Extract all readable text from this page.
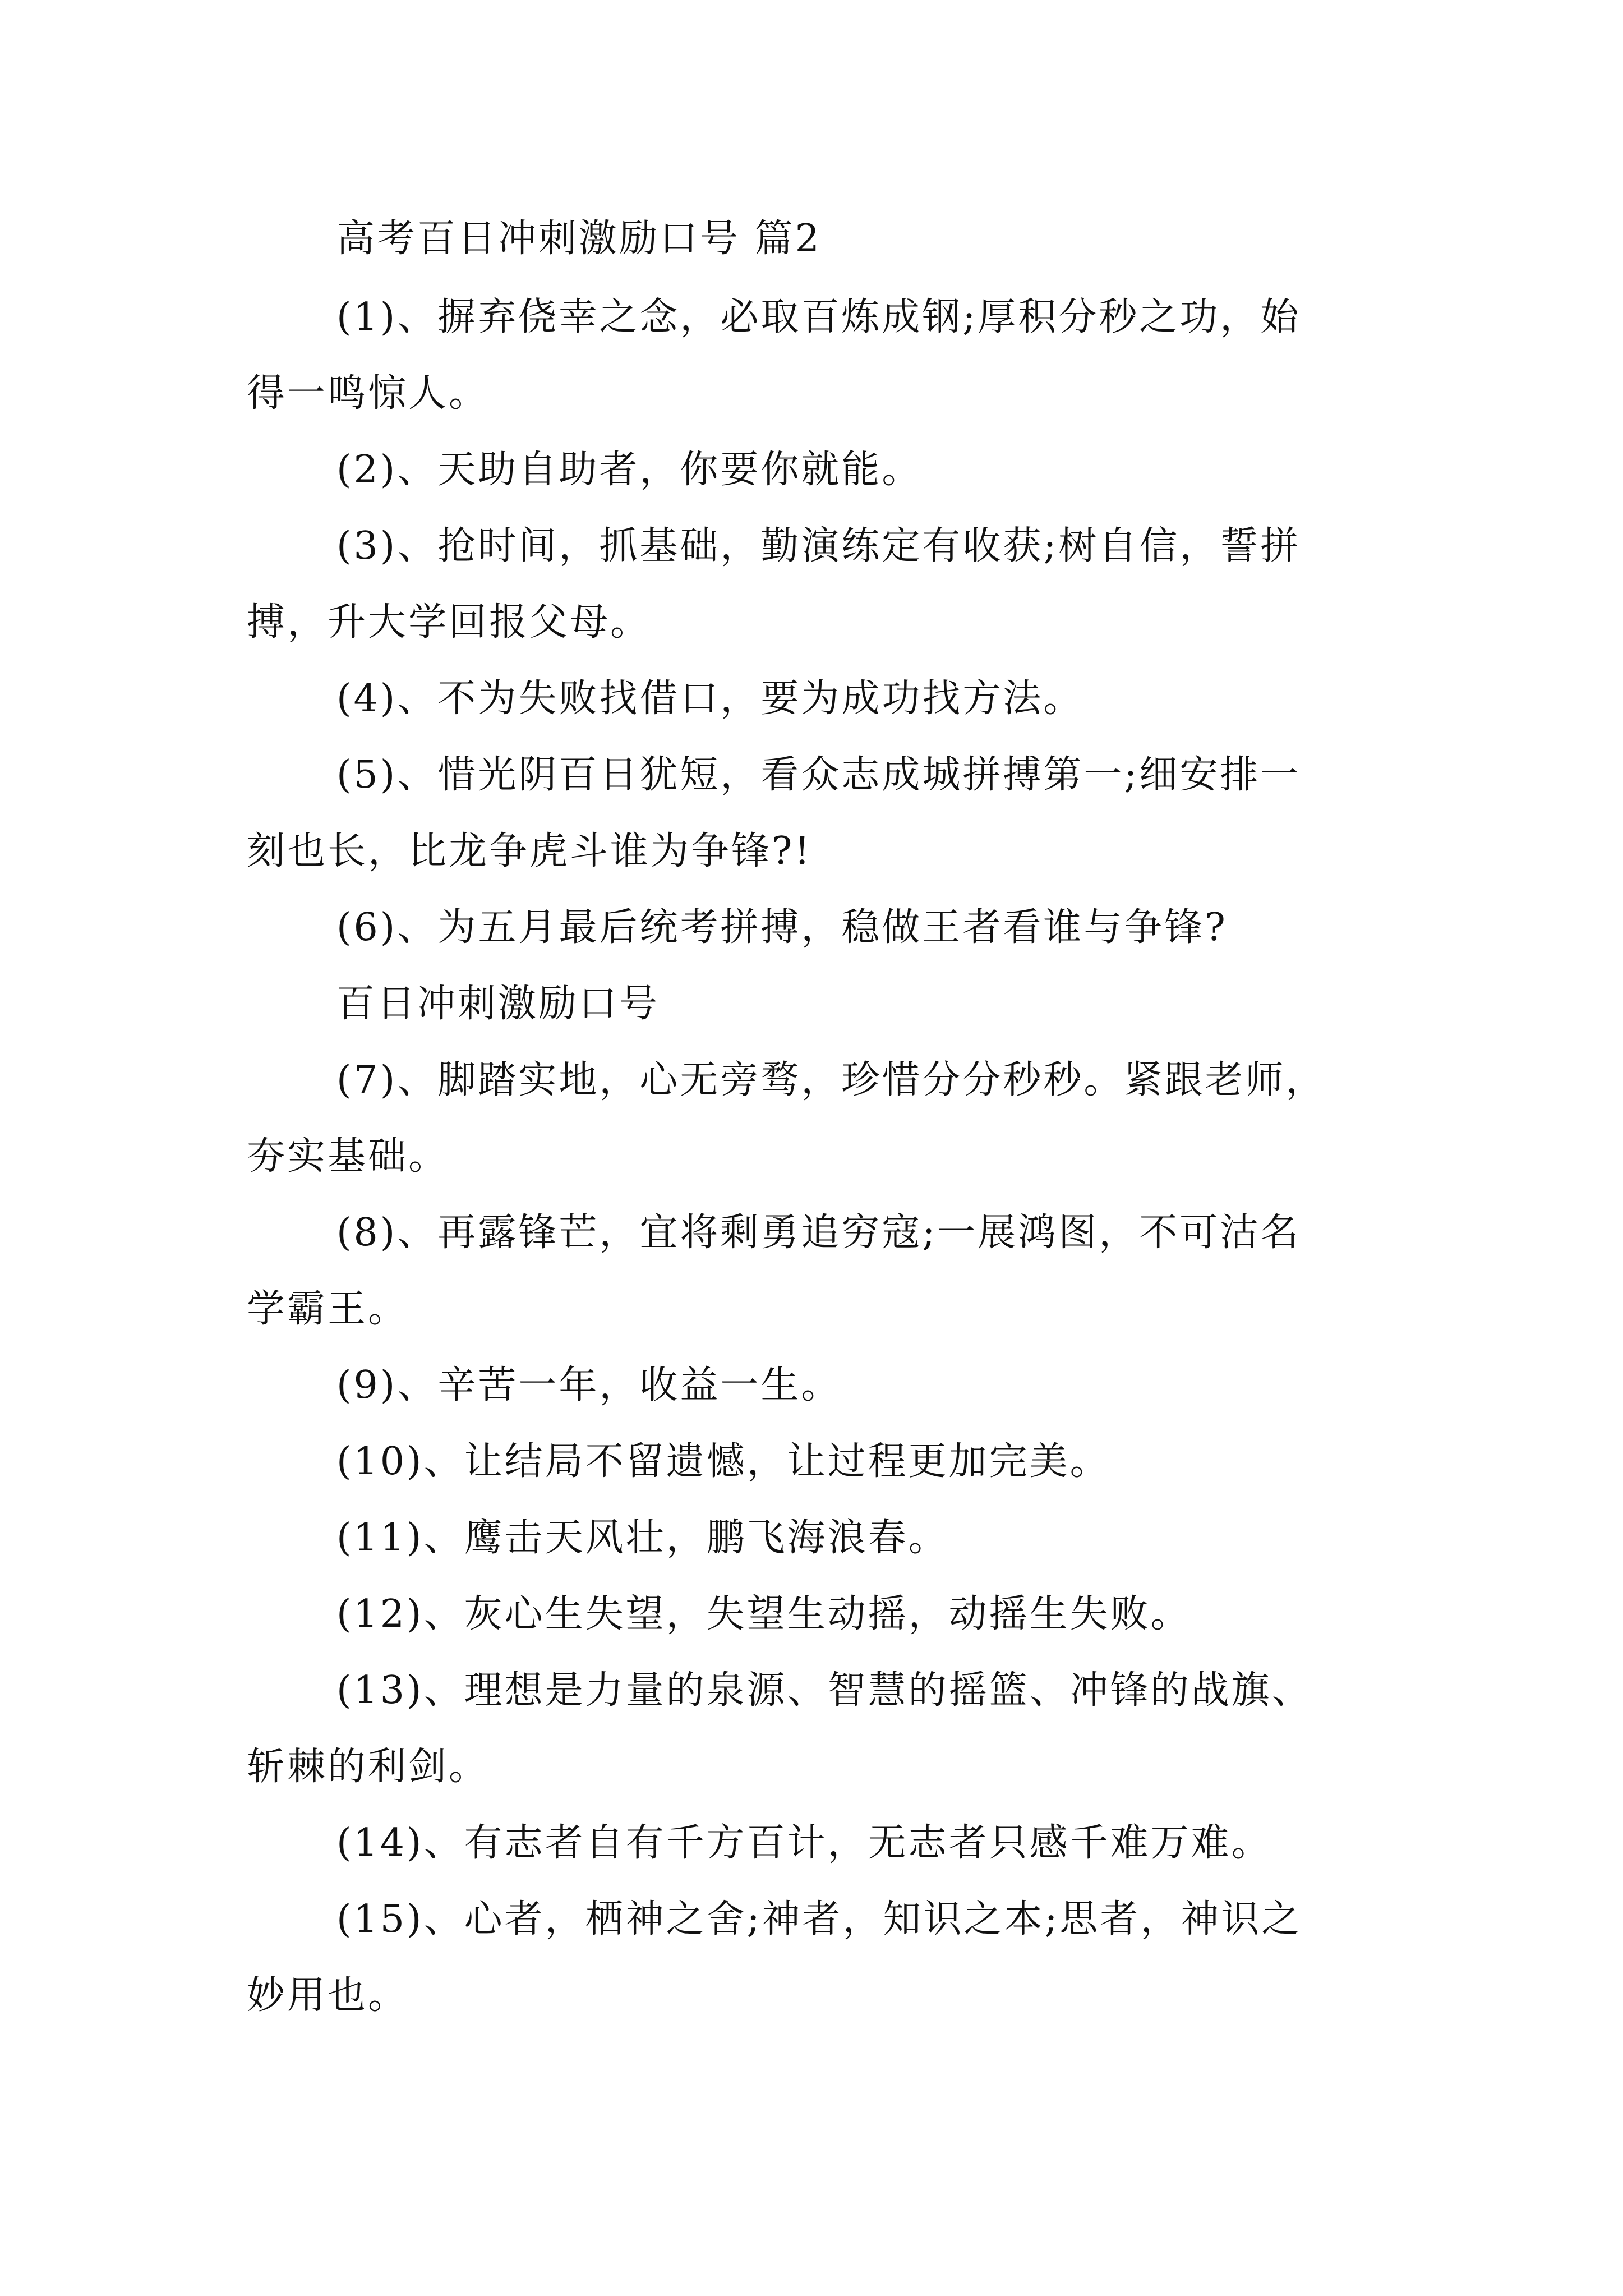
高考百日冲刺激励口号 篇2

(1)、摒弃侥幸之念，必取百炼成钢;厚积分秒之功，始

得一鸣惊人。

(2)、天助自助者，你要你就能。

(3)、抢时间，抓基础，勤演练定有收获;树自信，誓拼

搏，升大学回报父母。

(4)、不为失败找借口，要为成功找方法。

(5)、惜光阴百日犹短，看众志成城拼搏第一;细安排一

刻也长，比龙争虎斗谁为争锋?!

(6)、为五月最后统考拼搏，稳做王者看谁与争锋?

百日冲刺激励口号

(7)、脚踏实地，心无旁骛，珍惜分分秒秒。紧跟老师，

夯实基础。

(8)、再露锋芒，宜将剩勇追穷寇;一展鸿图，不可沽名

学霸王。

(9)、辛苦一年，收益一生。

(10)、让结局不留遗憾，让过程更加完美。

(11)、鹰击天风壮，鹏飞海浪春。

(12)、灰心生失望，失望生动摇，动摇生失败。

(13)、理想是力量的泉源、智慧的摇篮、冲锋的战旗、

斩棘的利剑。

(14)、有志者自有千方百计，无志者只感千难万难。

(15)、心者，栖神之舍;神者，知识之本;思者，神识之

妙用也。
